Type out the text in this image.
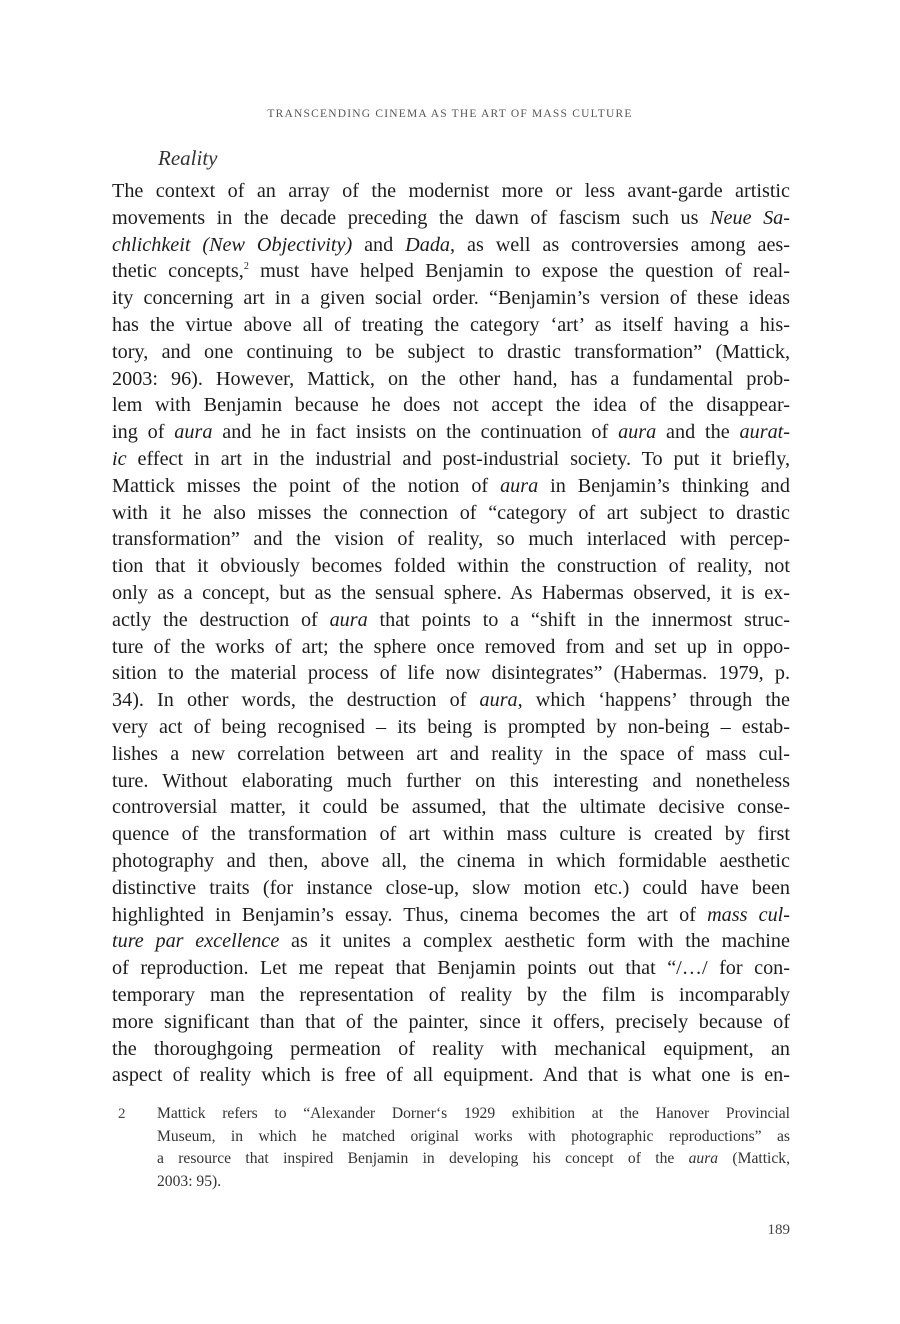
TRANSCENDING CINEMA AS THE ART OF MASS CULTURE
Reality
The context of an array of the modernist more or less avant-garde artistic
movements in the decade preceding the dawn of fascism such us Neue Sa-
chlichkeit (New Objectivity) and Dada, as well as controversies among aes-
thetic concepts,$^2$ must have helped Benjamin to expose the question of real-
ity concerning art in a given social order. “Benjamin’s version of these ideas
has the virtue above all of treating the category ‘art’ as itself having a his-
tory, and one continuing to be subject to drastic transformation” (Mattick,
2003: 96). However, Mattick, on the other hand, has a fundamental prob-
lem with Benjamin because he does not accept the idea of the disappear-
ing of aura and he in fact insists on the continuation of aura and the aurat-
ic effect in art in the industrial and post-industrial society. To put it briefly,
Mattick misses the point of the notion of aura in Benjamin’s thinking and
with it he also misses the connection of “category of art subject to drastic
transformation” and the vision of reality, so much interlaced with percep-
tion that it obviously becomes folded within the construction of reality, not
only as a concept, but as the sensual sphere. As Habermas observed, it is ex-
actly the destruction of aura that points to a “shift in the innermost struc-
ture of the works of art; the sphere once removed from and set up in oppo-
sition to the material process of life now disintegrates” (Habermas. 1979, p.
34). In other words, the destruction of aura, which ‘happens’ through the
very act of being recognised – its being is prompted by non-being – estab-
lishes a new correlation between art and reality in the space of mass cul-
ture. Without elaborating much further on this interesting and nonetheless
controversial matter, it could be assumed, that the ultimate decisive conse-
quence of the transformation of art within mass culture is created by first
photography and then, above all, the cinema in which formidable aesthetic
distinctive traits (for instance close-up, slow motion etc.) could have been
highlighted in Benjamin’s essay. Thus, cinema becomes the art of mass cul-
ture par excellence as it unites a complex aesthetic form with the machine
of reproduction. Let me repeat that Benjamin points out that “/…/ for con-
temporary man the representation of reality by the film is incomparably
more significant than that of the painter, since it offers, precisely because of
the thoroughgoing permeation of reality with mechanical equipment, an
aspect of reality which is free of all equipment. And that is what one is en-
2 Mattick refers to “Alexander Dorner‘s 1929 exhibition at the Hanover Provincial
Museum, in which he matched original works with photographic reproductions” as
a resource that inspired Benjamin in developing his concept of the aura (Mattick,
2003: 95).
189
